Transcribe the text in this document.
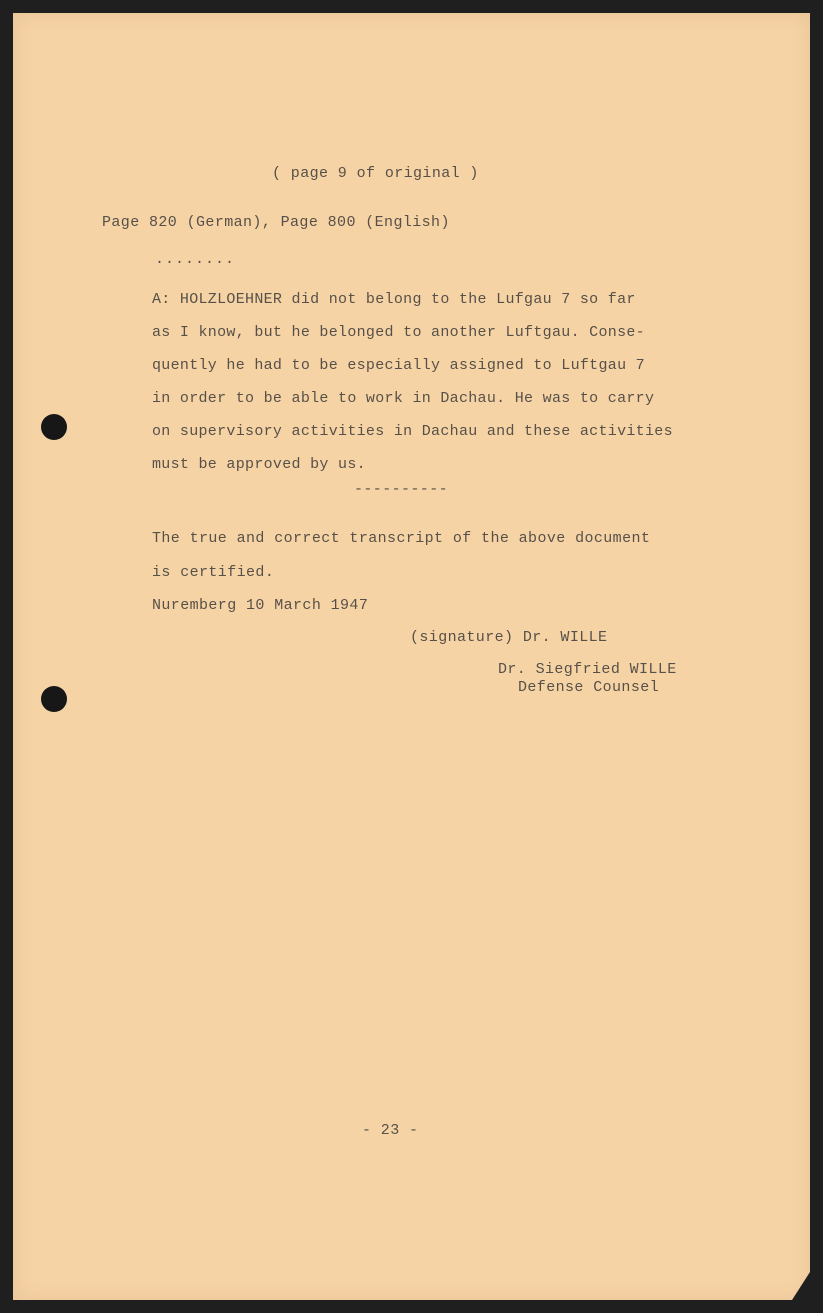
( page 9 of original )
Page 820 (German), Page 800 (English)
........
A: HOLZLOEHNER did not belong to the Lufgau 7 so far
as I know, but he belonged to another Luftgau. Conse-
quently he had to be especially assigned to Luftgau 7
in order to be able to work in Dachau. He was to carry
on supervisory activities in Dachau and these activities
must be approved by us.
----------
The true and correct transcript of the above document
is certified.
Nuremberg 10 March 1947
(signature) Dr. WILLE
Dr. Siegfried WILLE
Defense Counsel
- 23 -
